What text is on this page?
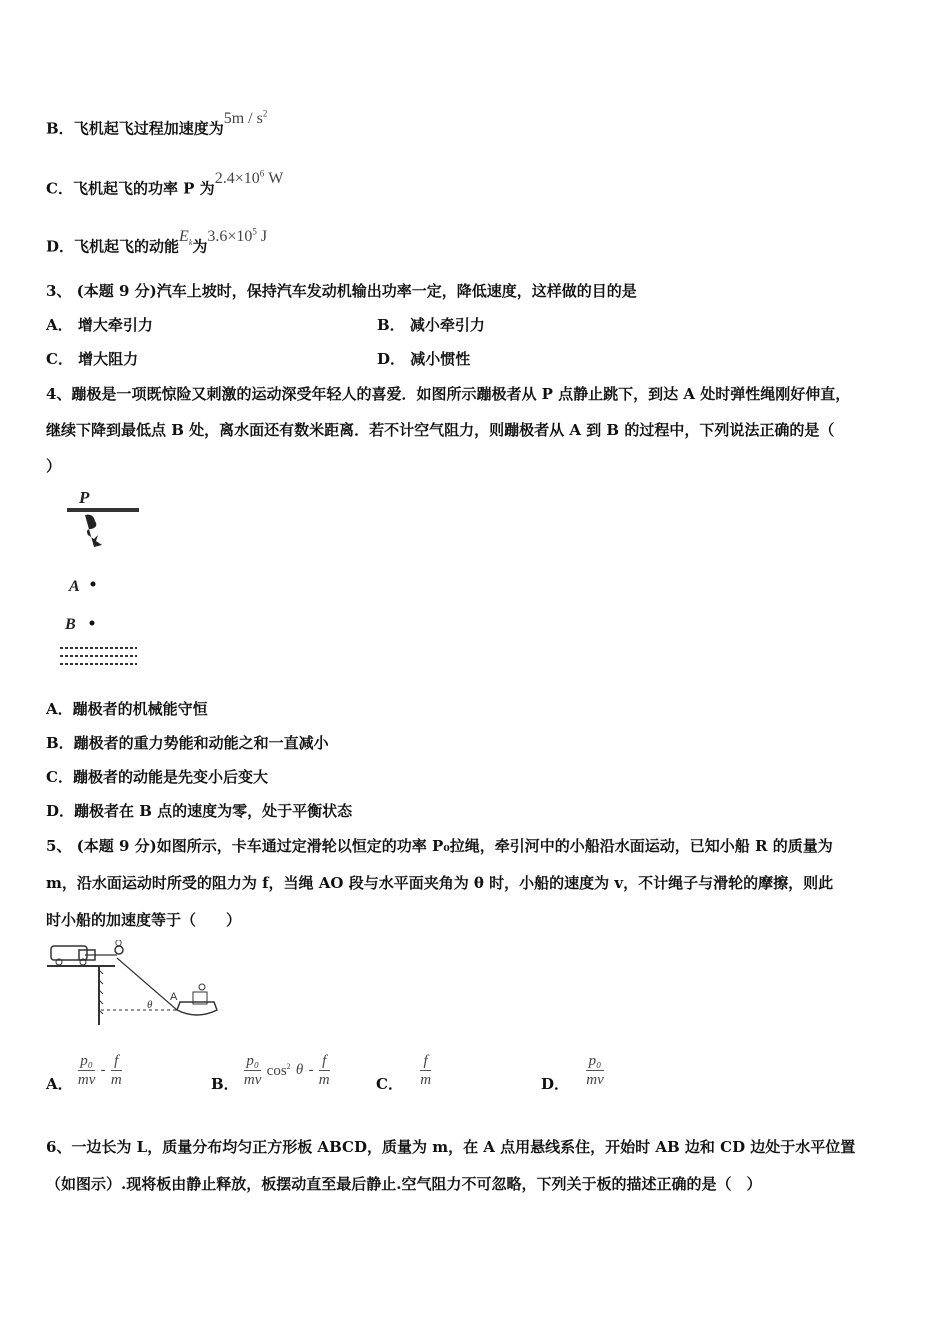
B．飞机起飞过程加速度为$5m / s^2$
C．飞机起飞的功率 P 为$2.4\times 10^6$ W
D．飞机起飞的动能$E_k$为$3.6\times 10^5$ J
3、 (本题 9 分)汽车上坡时，保持汽车发动机输出功率一定，降低速度，这样做的目的是
A． 增大牵引力	B． 减小牵引力
C． 增大阻力	D． 减小惯性
4、蹦极是一项既惊险又刺激的运动深受年轻人的喜爱．如图所示蹦极者从 P 点静止跳下，到达 A 处时弹性绳刚好伸直，
继续下降到最低点 B 处，离水面还有数米距离．若不计空气阻力，则蹦极者从 A 到 B 的过程中，下列说法正确的是（
）
P
A
B
A．蹦极者的机械能守恒
B．蹦极者的重力势能和动能之和一直减小
C．蹦极者的动能是先变小后变大
D．蹦极者在 B 点的速度为零，处于平衡状态
5、 (本题 9 分)如图所示，卡车通过定滑轮以恒定的功率 P₀拉绳，牵引河中的小船沿水面运动，已知小船 R 的质量为
m，沿水面运动时所受的阻力为 f，当绳 AO 段与水平面夹角为 θ 时，小船的速度为 v，不计绳子与滑轮的摩擦，则此
时小船的加速度等于（　　）
O
θ
A
A． $\frac{\text{p₀}}{mv} - \frac{f}{m}$	B． $\frac{\text{p₀}}{mv} \cos^2 \theta - \frac{f}{m}$	C． $\frac{f}{m}$	D． $\frac{\text{p₀}}{mv}$
6、一边长为 L，质量分布均匀正方形板 ABCD，质量为 m，在 A 点用悬线系住，开始时 AB 边和 CD 边处于水平位置
（如图示）.现将板由静止释放，板摆动直至最后静止.空气阻力不可忽略，下列关于板的描述正确的是（　）
